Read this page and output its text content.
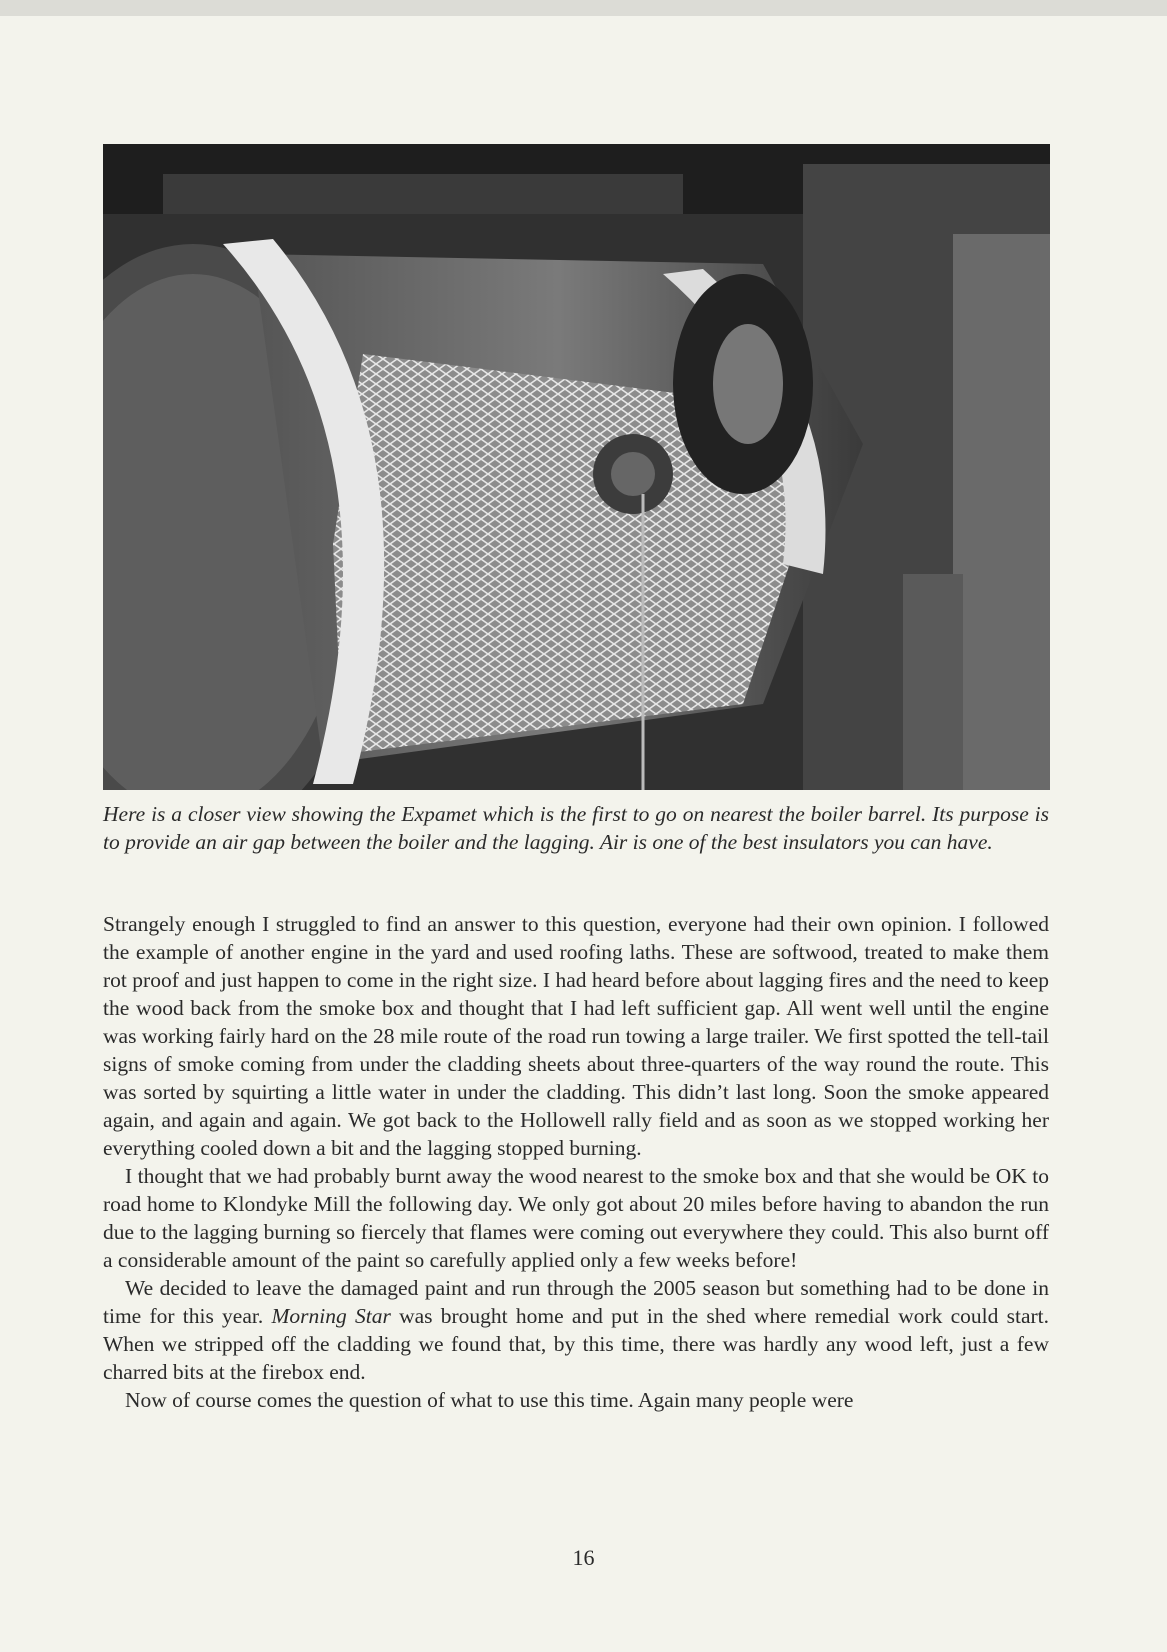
Here is a closer view showing the Expamet which is the first to go on nearest the boiler barrel. Its purpose is to provide an air gap between the boiler and the lagging. Air is one of the best insulators you can have.

Strangely enough I struggled to find an answer to this question, everyone had their own opinion. I followed the example of another engine in the yard and used roofing laths. These are softwood, treated to make them rot proof and just happen to come in the right size. I had heard before about lagging fires and the need to keep the wood back from the smoke box and thought that I had left sufficient gap. All went well until the engine was working fairly hard on the 28 mile route of the road run towing a large trailer. We first spotted the tell-tail signs of smoke coming from under the cladding sheets about three-quarters of the way round the route. This was sorted by squirting a little water in under the cladding. This didn’t last long. Soon the smoke appeared again, and again and again. We got back to the Hollowell rally field and as soon as we stopped working her everything cooled down a bit and the lagging stopped burning.

I thought that we had probably burnt away the wood nearest to the smoke box and that she would be OK to road home to Klondyke Mill the following day. We only got about 20 miles before having to abandon the run due to the lagging burning so fiercely that flames were coming out everywhere they could. This also burnt off a considerable amount of the paint so carefully applied only a few weeks before!

We decided to leave the damaged paint and run through the 2005 season but something had to be done in time for this year. Morning Star was brought home and put in the shed where remedial work could start. When we stripped off the cladding we found that, by this time, there was hardly any wood left, just a few charred bits at the firebox end.

Now of course comes the question of what to use this time. Again many people were

16
